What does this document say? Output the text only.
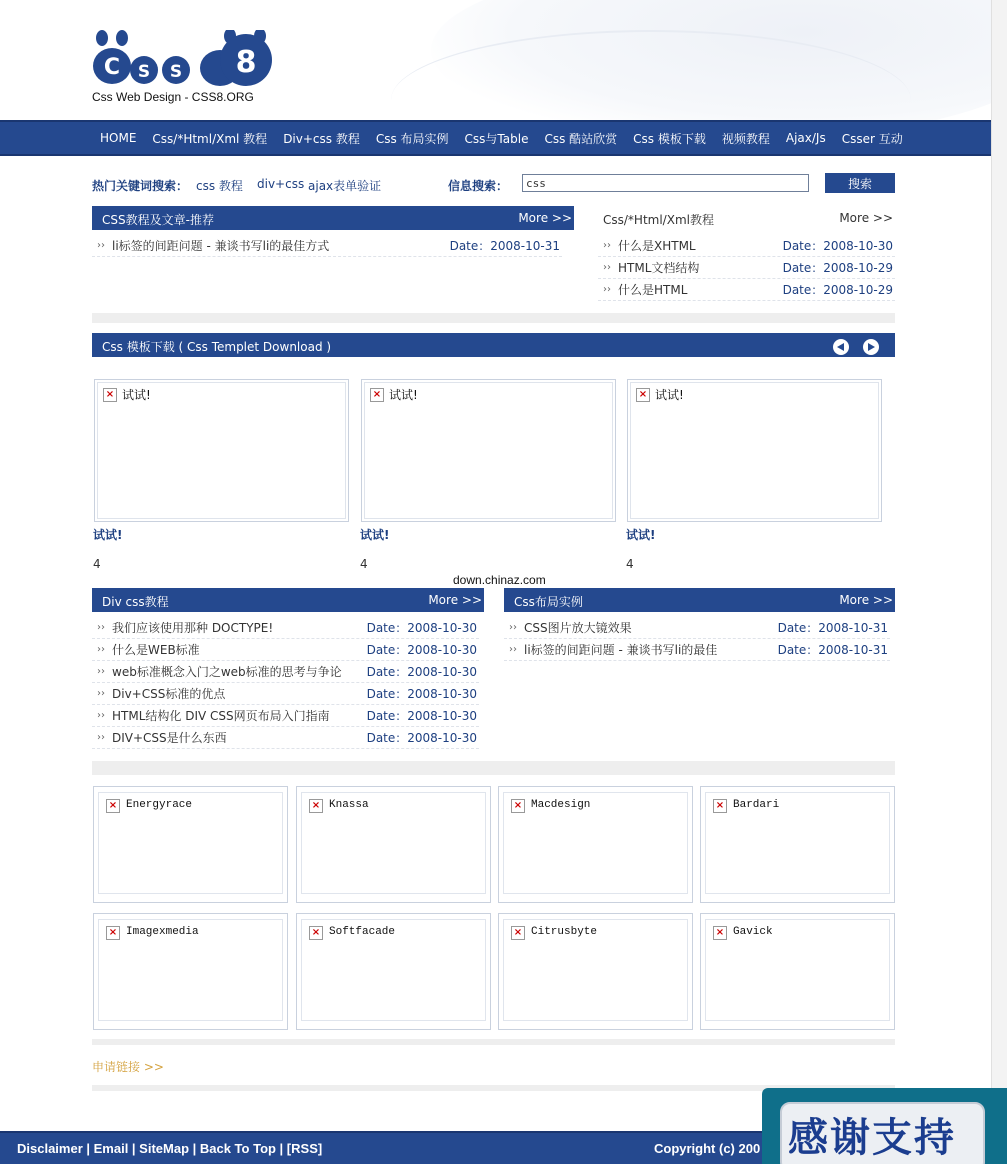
C S S 8
Css Web Design - CSS8.ORG
HOME	Css/*Html/Xml 教程	Div+css 教程	Css 布局实例	Css与Table	Css 酷站欣赏	Css 模板下载	视频教程	Ajax/Js	Csser 互动
热门关键词搜索： css 教程 div+css ajax表单验证	信息搜索：
css	搜索
CSS教程及文章-推荐	More >>
›› li标签的间距问题 - 兼谈书写li的最佳方式	Date：2008-10-31
Css/*Html/Xml教程	More >>
›› 什么是XHTML	Date：2008-10-30
›› HTML文档结构	Date：2008-10-29
›› 什么是HTML	Date：2008-10-29
Css 模板下载 ( Css Templet Download )
× 试试!	× 试试!	× 试试!
试试!	试试!	试试!
4	4	4
down.chinaz.com
Div css教程	More >>
›› 我们应该使用那种 DOCTYPE!	Date：2008-10-30
›› 什么是WEB标准	Date：2008-10-30
›› web标准概念入门之web标准的思考与争论 Date：2008-10-30
›› Div+CSS标准的优点	Date：2008-10-30
›› HTML结构化 DIV CSS网页布局入门指南	Date：2008-10-30
›› DIV+CSS是什么东西	Date：2008-10-30
Css布局实例	More >>
›› CSS图片放大镜效果	Date：2008-10-31
›› li标签的间距问题 - 兼谈书写li的最佳	Date：2008-10-31
× Energyrace	× Knassa	× Macdesign	× Bardari
× Imagexmedia	× Softfacade	× Citrusbyte	× Gavick
申请链接 >>
Disclaimer | Email | SiteMap | Back To Top | [RSS]	Copyright (c) 200 感谢支持
